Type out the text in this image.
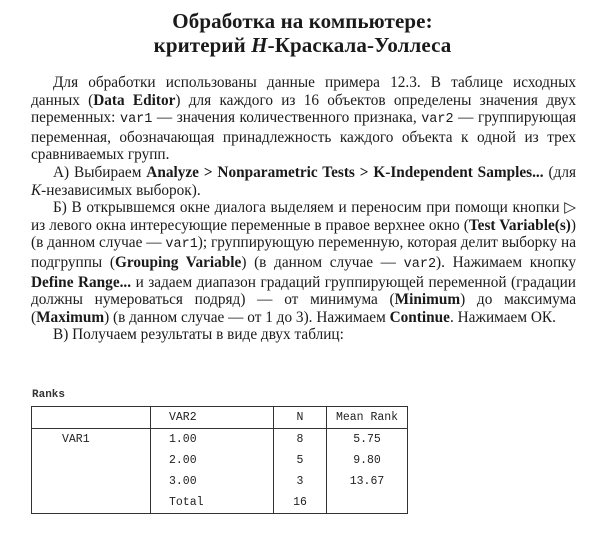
Обработка на компьютере:
критерий Н-Краскала-Уоллеса

Для обработки использованы данные примера 12.3. В таблице исходных данных (Data Editor) для каждого из 16 объектов определены значения двух переменных: var1 — значения количественного признака, var2 — группирующая переменная, обозначающая принадлежность каждого объекта к одной из трех сравниваемых групп.

А) Выбираем Analyze > Nonparametric Tests > K-Independent Samples... (для К-независимых выборок).

Б) В открывшемся окне диалога выделяем и переносим при помощи кнопки ▷ из левого окна интересующие переменные в правое верхнее окно (Test Variable(s)) (в данном случае — var1); группирующую переменную, которая делит выборку на подгруппы (Grouping Variable) (в данном случае — var2). Нажимаем кнопку Define Range... и задаем диапазон градаций группирующей переменной (градации должны нумероваться подряд) — от минимума (Minimum) до максимума (Maximum) (в данном случае — от 1 до 3). Нажимаем Continue. Нажимаем ОК.

В) Получаем результаты в виде двух таблиц:

Ranks
	VAR2	N	Mean Rank
VAR1	1.00	8	5.75
	2.00	5	9.80
	3.00	3	13.67
	Total	16	
